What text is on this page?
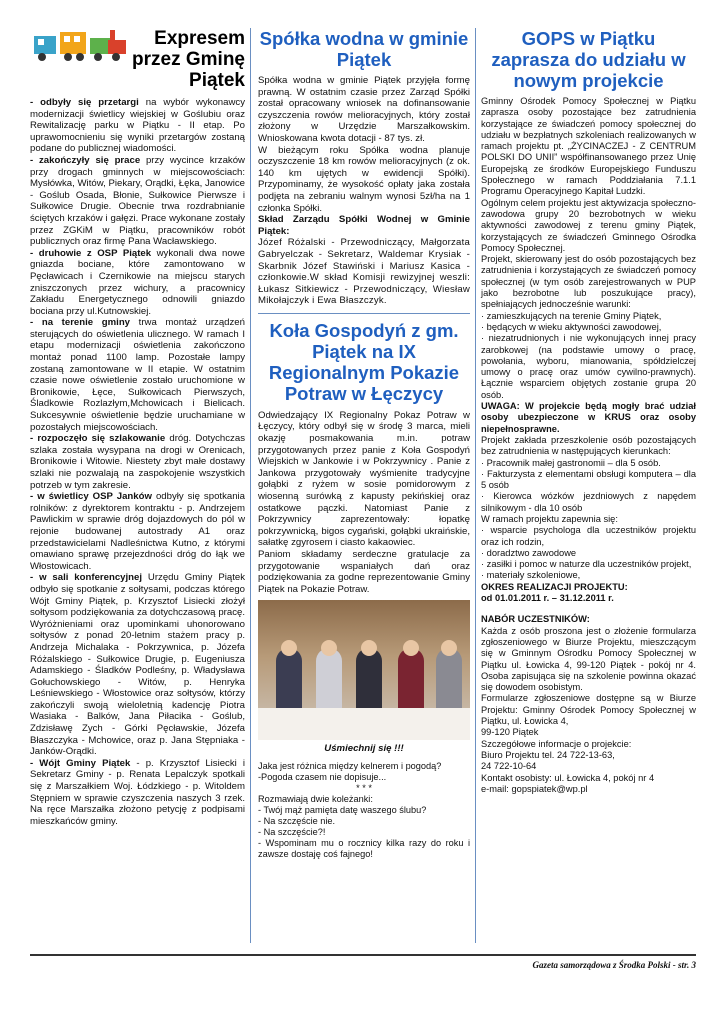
Expresem przez Gminę Piątek

- odbyły się przetargi na wybór wykonawcy modernizacji świetlicy wiejskiej w Goślubiu oraz Rewitalizację parku w Piątku - II etap. Po uprawomocnieniu się wyniki przetargów zostaną podane do publicznej wiadomości.

- zakończyły się prace przy wycince krzaków przy drogach gminnych w miejscowościach: Mysłówka, Witów, Piekary, Orądki, Łęka, Janowice - Goślub Osada, Błonie, Sułkowice Pierwsze i Sułkowice Drugie. Obecnie trwa rozdrabnianie ściętych krzaków i gałęzi. Prace wykonane zostały przez ZGKiM w Piątku, pracowników robót publicznych oraz firmę Pana Wacławskiego.

- druhowie z OSP Piątek wykonali dwa nowe gniazda bociane, które zamontowano w Pęcławicach i Czernikowie na miejscu starych zniszczonych przez wichury, a pracownicy Zakładu Energetycznego odnowili gniazdo bociana przy ul.Kutnowskiej.

- na terenie gminy trwa montaż urządzeń sterujących do oświetlenia ulicznego. W ramach I etapu modernizacji oświetlenia zakończono montaż ponad 1100 lamp. Pozostałe lampy zostaną zamontowane w II etapie. W ostatnim czasie nowe oświetlenie zostało uruchomione w Bronikowie, Łęce, Sułkowicach Pierwszych, Śladkowie Rozlazłym,Mchowicach i Bielicach. Sukcesywnie oświetlenie będzie uruchamiane w pozostałych miejscowościach.

- rozpoczęło się szlakowanie dróg. Dotychczas szlaka została wysypana na drogi w Orenicach, Bronikowie i Witowie. Niestety zbyt małe dostawy szlaki nie pozwalają na zaspokojenie wszystkich potrzeb w tym zakresie.

- w świetlicy OSP Janków odbyły się spotkania rolników: z dyrektorem kontraktu - p. Andrzejem Pawlickim w sprawie dróg dojazdowych do pól w rejonie budowanej autostrady A1 oraz przedstawicielami Nadleśnictwa Kutno, z którymi omawiano sprawę przejezdności dróg do łąk we Włostowicach.

- w sali konferencyjnej Urzędu Gminy Piątek odbyło się spotkanie z sołtysami, podczas którego Wójt Gminy Piątek, p. Krzysztof Lisiecki złożył sołtysom podziękowania za dotychczasową pracę. Wyróżnieniami oraz upominkami uhonorowano sołtysów z ponad 20-letnim stażem pracy p. Andrzeja Michalaka - Pokrzywnica, p. Józefa Różalskiego - Sułkowice Drugie, p. Eugeniusza Adamskiego - Śladków Podleśny, p. Władysława Gołuchowskiego - Witów, p. Henryka Leśniewskiego - Włostowice oraz sołtysów, którzy zakończyli swoją wieloletnią kadencję Piotra Wasiaka - Balków, Jana Piłacika - Goślub, Zdzisławę Zych - Górki Pęcławskie, Józefa Błaszczyka - Mchowice, oraz p. Jana Stępniaka - Janków-Orądki.

- Wójt Gminy Piątek - p. Krzysztof Lisiecki i Sekretarz Gminy - p. Renata Lepalczyk spotkali się z Marszałkiem Woj. Łódzkiego - p. Witoldem Stępniem w sprawie czyszczenia naszych 3 rzek. Na ręce Marszałka złożono petycję z podpisami mieszkańców gminy.

Spółka wodna w gminie Piątek

Spółka wodna w gminie Piątek przyjęła formę prawną. W ostatnim czasie przez Zarząd Spółki został opracowany wniosek na dofinansowanie czyszczenia rowów melioracyjnych, który został złożony w Urzędzie Marszałkowskim. Wnioskowana kwota dotacji - 87 tys. zł.

W bieżącym roku Spółka wodna planuje oczyszczenie 18 km rowów melioracyjnych (z ok. 140 km ujętych w ewidencji Spółki). Przypominamy, że wysokość opłaty jaka została podjęta na zebraniu walnym wynosi 5zł/ha na 1 członka Spółki.

Skład Zarządu Spółki Wodnej w Gminie Piątek:

Józef Różalski - Przewodniczący, Małgorzata Gabryelczak - Sekretarz, Waldemar Krysiak - Skarbnik Józef Stawiński i Mariusz Kasica - członkowie.W skład Komisji rewizyjnej weszli: Łukasz Sitkiewicz - Przewodniczący, Wiesław Mikołajczyk i Ewa Błaszczyk.

Koła Gospodyń z gm. Piątek na IX Regionalnym Pokazie Potraw w Łęczycy

Odwiedzający IX Regionalny Pokaz Potraw w Łęczycy, który odbył się w środę 3 marca, mieli okazję posmakowania m.in. potraw przygotowanych przez panie z Koła Gospodyń Wiejskich w Jankowie i w Pokrzywnicy . Panie z Jankowa przygotowały wyśmienite tradycyjne gołąbki z ryżem w sosie pomidorowym z wiosenną surówką z kapusty pekińskiej oraz ostatkowe pączki. Natomiast Panie z Pokrzywnicy zaprezentowały: łopatkę pokrzywnicką, bigos cygański, gołąbki ukraińskie, sałatkę zgyrosem i ciasto kakaowiec.

Paniom składamy serdeczne gratulacje za przygotowanie wspaniałych dań oraz podziękowania za godne reprezentowanie Gminy Piątek na Pokazie Potraw.

Uśmiechnij się !!!

Jaka jest różnica między kelnerem i pogodą?

-Pogoda czasem nie dopisuje...

* * *

Rozmawiają dwie koleżanki:

- Twój mąż pamięta datę waszego ślubu?

- Na szczęście nie.

- Na szczęście?!

- Wspominam mu o rocznicy kilka razy do roku i zawsze dostaję coś fajnego!

GOPS w Piątku zaprasza do udziału w nowym projekcie

Gminny Ośrodek Pomocy Społecznej w Piątku zaprasza osoby pozostające bez zatrudnienia korzystające ze świadczeń pomocy społecznej do udziału w bezpłatnych szkoleniach realizowanych w ramach projektu pt. „ŻYCINACZEJ - Z CENTRUM POLSKI DO UNII” współfinansowanego przez Unię Europejską ze środków Europejskiego Funduszu Społecznego w ramach Poddziałania 7.1.1 Programu Operacyjnego Kapitał Ludzki.

Ogólnym celem projektu jest aktywizacja społeczno-zawodowa grupy 20 bezrobotnych w wieku aktywności zawodowej z terenu gminy Piątek, korzystających ze świadczeń Gminnego Ośrodka Pomocy Społecznej.

Projekt, skierowany jest do osób pozostających bez zatrudnienia i korzystających ze świadczeń pomocy społecznej (w tym osób zarejestrowanych w PUP jako bezrobotne lub poszukujące pracy), spełniających jednocześnie warunki:

· zamieszkujących na terenie Gminy Piątek,

· będących w wieku aktywności zawodowej,

· niezatrudnionych i nie wykonujących innej pracy zarobkowej (na podstawie umowy o pracę, powołania, wyboru, mianowania, spółdzielczej umowy o pracę oraz umów cywilno-prawnych). Łącznie wsparciem objętych zostanie grupa 20 osób.

UWAGA: W projekcie będą mogły brać udział osoby ubezpieczone w KRUS oraz osoby niepełnosprawne.

Projekt zakłada przeszkolenie osób pozostających bez zatrudnienia w następujących kierunkach:

· Pracownik małej gastronomii – dla 5 osób.

· Fakturzysta z elementami obsługi komputera – dla 5 osób

· Kierowca wózków jezdniowych z napędem silnikowym - dla 10 osób

W ramach projektu zapewnia się:

· wsparcie psychologa dla uczestników projektu oraz ich rodzin,

· doradztwo zawodowe

· zasiłki i pomoc w naturze dla uczestników projekt,

· materiały szkoleniowe,

OKRES REALIZACJI PROJEKTU:

od 01.01.2011 r. – 31.12.2011 r.

NABÓR UCZESTNIKÓW:

Każda z osób proszona jest o złożenie formularza zgłoszeniowego w Biurze Projektu, mieszczącym się w Gminnym Ośrodku Pomocy Społecznej w Piątku ul. Łowicka 4, 99-120 Piątek - pokój nr 4. Osoba zapisująca się na szkolenie powinna okazać się dowodem osobistym.

Formularze zgłoszeniowe dostępne są w Biurze Projektu: Gminny Ośrodek Pomocy Społecznej w Piątku, ul. Łowicka 4,

99-120 Piątek

Szczegółowe informacje o projekcie:

Biuro Projektu tel. 24 722-13-63,

24 722-10-64

Kontakt osobisty: ul. Łowicka 4, pokój nr 4

e-mail: gopspiatek@wp.pl

Gazeta samorządowa z Środka Polski - str. 3
